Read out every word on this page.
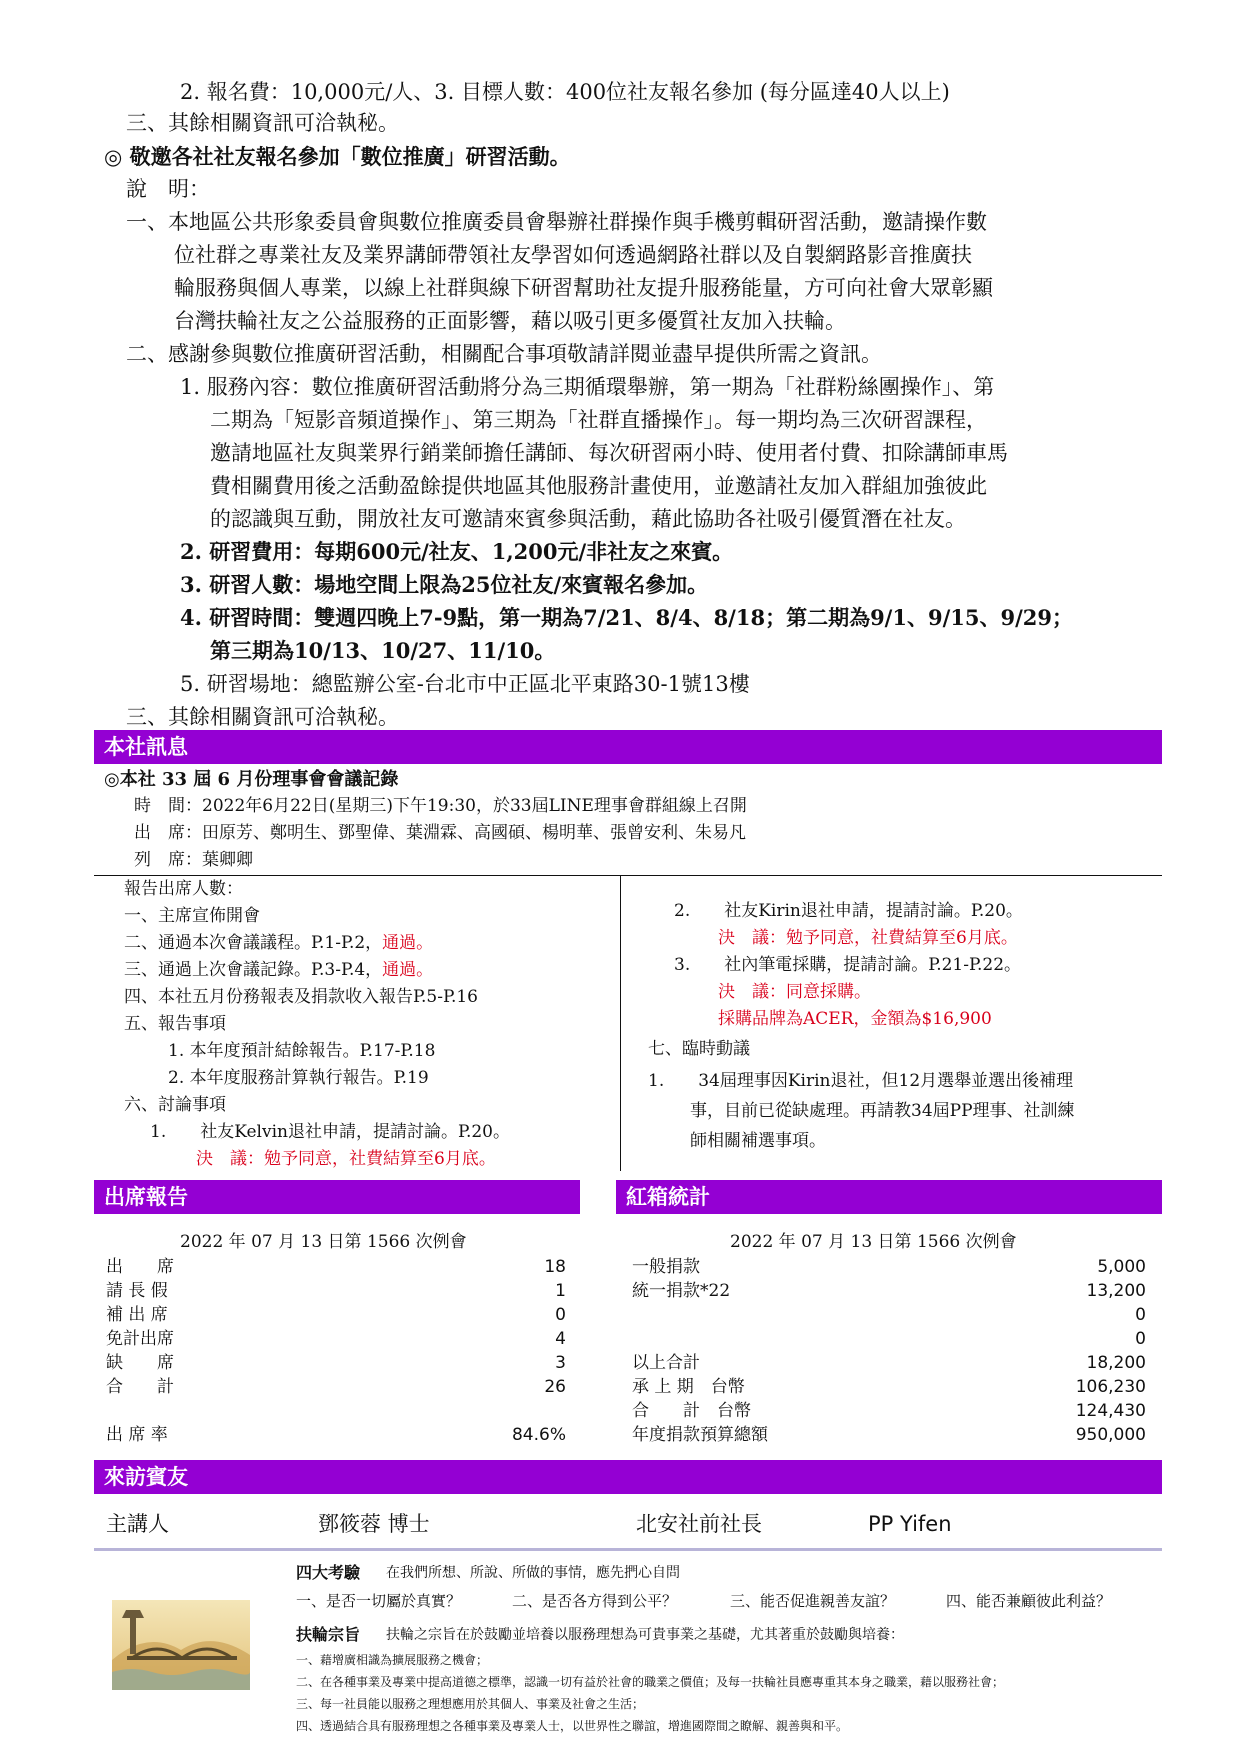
2. 報名費：10,000元/人、3. 目標人數：400位社友報名參加 (每分區達40人以上)
三、其餘相關資訊可洽執秘。
◎ 敬邀各社社友報名參加「數位推廣」研習活動。
說　明：
一、本地區公共形象委員會與數位推廣委員會舉辦社群操作與手機剪輯研習活動，邀請操作數
位社群之專業社友及業界講師帶領社友學習如何透過網路社群以及自製網路影音推廣扶
輪服務與個人專業，以線上社群與線下研習幫助社友提升服務能量，方可向社會大眾彰顯
台灣扶輪社友之公益服務的正面影響，藉以吸引更多優質社友加入扶輪。
二、感謝參與數位推廣研習活動，相關配合事項敬請詳閱並盡早提供所需之資訊。
1. 服務內容：數位推廣研習活動將分為三期循環舉辦，第一期為「社群粉絲團操作」、第
二期為「短影音頻道操作」、第三期為「社群直播操作」。每一期均為三次研習課程，
邀請地區社友與業界行銷業師擔任講師、每次研習兩小時、使用者付費、扣除講師車馬
費相關費用後之活動盈餘提供地區其他服務計畫使用，並邀請社友加入群組加強彼此
的認識與互動，開放社友可邀請來賓參與活動，藉此協助各社吸引優質潛在社友。
2. 研習費用：每期600元/社友、1,200元/非社友之來賓。
3. 研習人數：場地空間上限為25位社友/來賓報名參加。
4. 研習時間：雙週四晚上7-9點，第一期為7/21、8/4、8/18；第二期為9/1、9/15、9/29；
第三期為10/13、10/27、11/10。
5. 研習場地：總監辦公室-台北市中正區北平東路30-1號13樓
三、其餘相關資訊可洽執秘。
本社訊息
◎本社 33 屆 6 月份理事會會議記錄
時　間：2022年6月22日(星期三)下午19:30，於33屆LINE理事會群組線上召開
出　席：田原芳、鄭明生、鄧聖偉、葉淵霖、高國碩、楊明華、張曾安利、朱易凡
列　席：葉卿卿
報告出席人數：
一、主席宣佈開會
二、通過本次會議議程。P.1-P.2，通過。
三、通過上次會議記錄。P.3-P.4，通過。
四、本社五月份務報表及捐款收入報告P.5-P.16
五、報告事項
1. 本年度預計結餘報告。P.17-P.18
2. 本年度服務計算執行報告。P.19
六、討論事項
1.　　社友Kelvin退社申請，提請討論。P.20。
決　議：勉予同意，社費結算至6月底。
2.　　社友Kirin退社申請，提請討論。P.20。
決　議：勉予同意，社費結算至6月底。
3.　　社內筆電採購，提請討論。P.21-P.22。
決　議：同意採購。
採購品牌為ACER，金額為$16,900
七、臨時動議
1.　　34屆理事因Kirin退社，但12月選舉並選出後補理
事，目前已從缺處理。再請教34屆PP理事、社訓練
師相關補選事項。
出席報告	紅箱統計
2022 年 07 月 13 日第 1566 次例會
出　　席	18
請 長 假	1
補 出 席	0
免計出席	4
缺　　席	3
合　　計	26
出 席 率	84.6%
2022 年 07 月 13 日第 1566 次例會
一般捐款	5,000
統一捐款*22	13,200
0
0
以上合計	18,200
承 上 期　台幣	106,230
合　　計　台幣	124,430
年度捐款預算總額	950,000
來訪賓友
主講人	鄧筱蓉 博士	北安社前社長	PP Yifen
四大考驗 在我們所想、所說、所做的事情，應先捫心自問
一、是否一切屬於真實？	二、是否各方得到公平？	三、能否促進親善友誼？	四、能否兼顧彼此利益？
扶輪宗旨 扶輪之宗旨在於鼓勵並培養以服務理想為可貴事業之基礎，尤其著重於鼓勵與培養：
一、藉增廣相識為擴展服務之機會；
二、在各種事業及專業中提高道德之標準，認識一切有益於社會的職業之價值；及每一扶輪社員應專重其本身之職業，藉以服務社會；
三、每一社員能以服務之理想應用於其個人、事業及社會之生活；
四、透過結合具有服務理想之各種事業及專業人士，以世界性之聯誼，增進國際間之瞭解、親善與和平。
